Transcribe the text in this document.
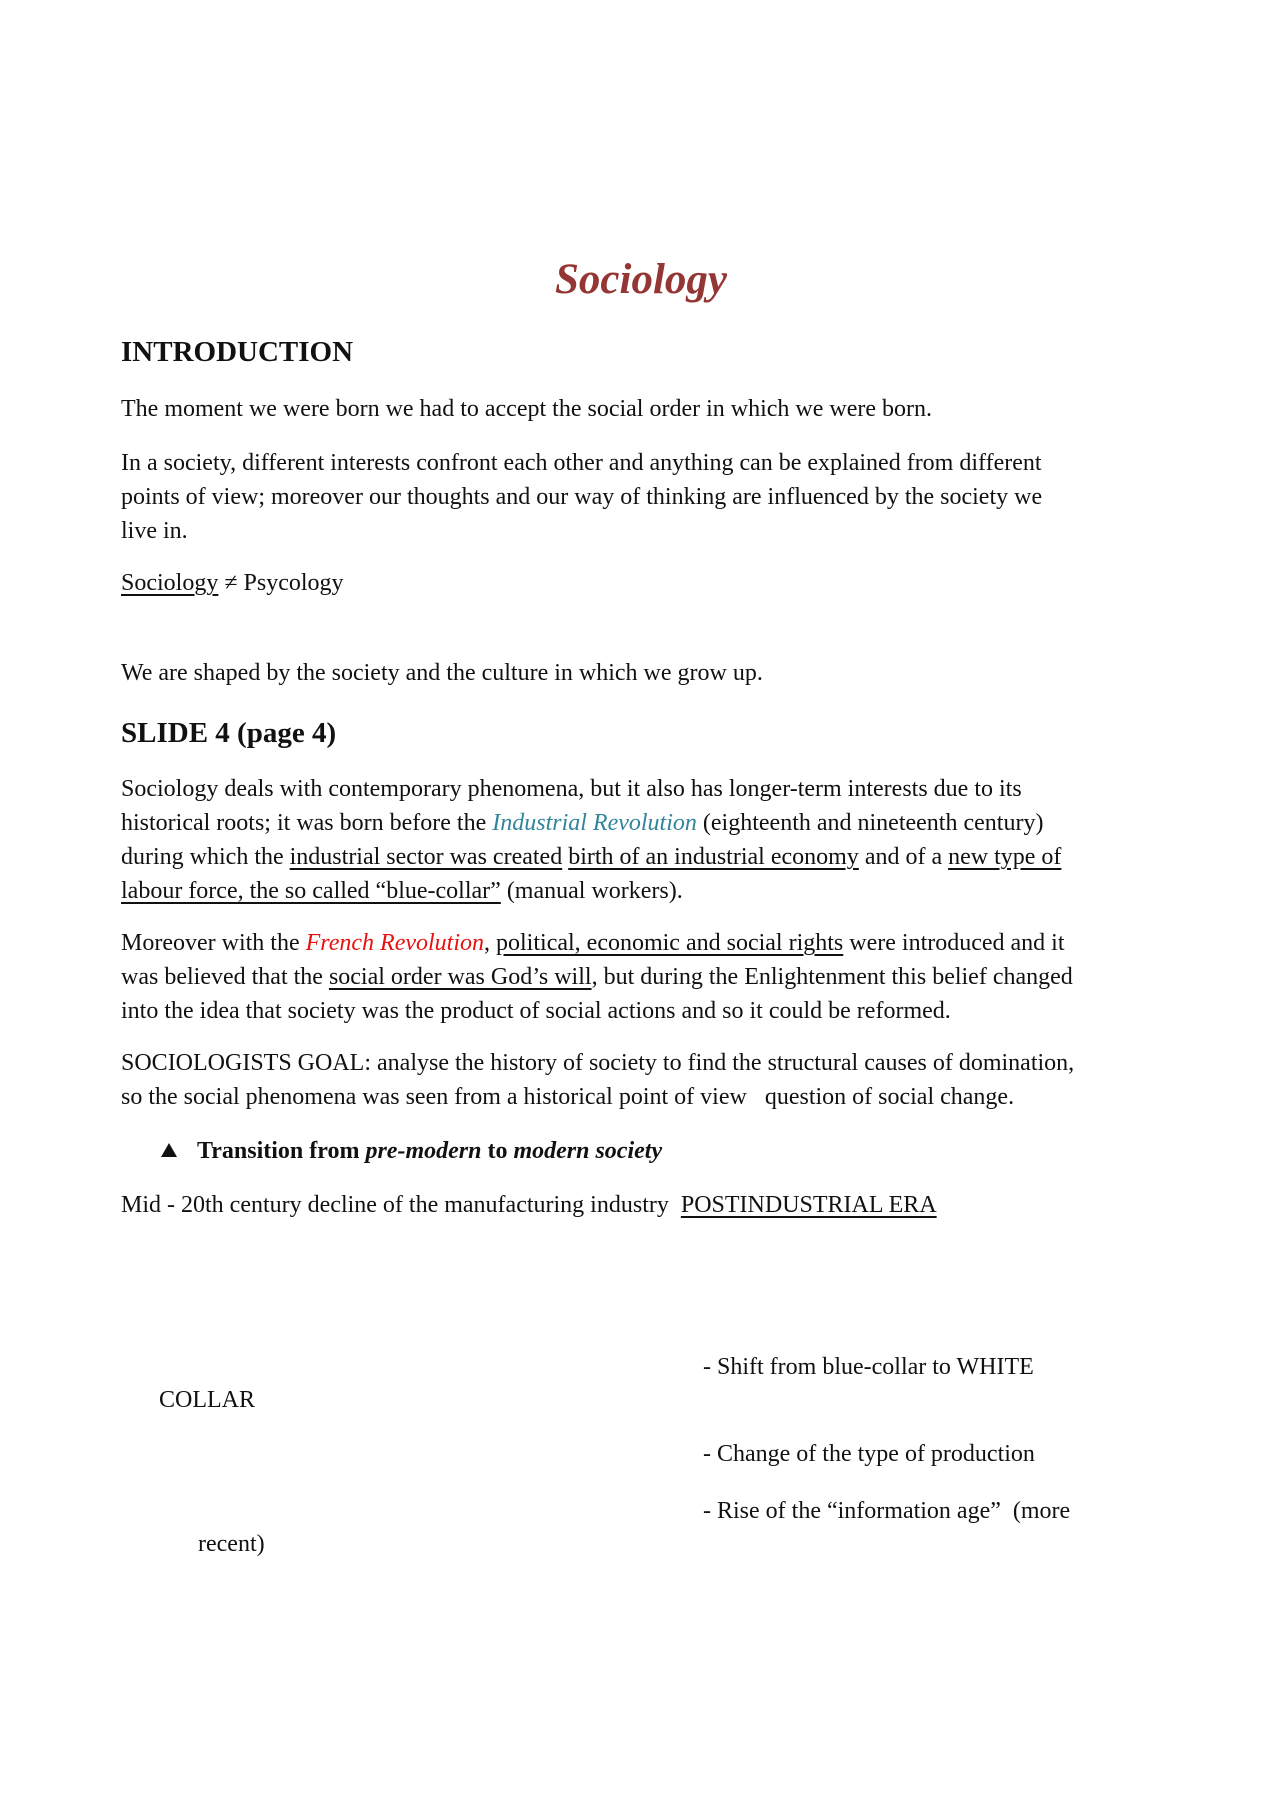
Sociology
INTRODUCTION
The moment we were born we had to accept the social order in which we were born.
In a society, different interests confront each other and anything can be explained from different
points of view; moreover our thoughts and our way of thinking are influenced by the society we
live in.
Sociology ≠ Psycology
We are shaped by the society and the culture in which we grow up.
SLIDE 4 (page 4)
Sociology deals with contemporary phenomena, but it also has longer-term interests due to its
historical roots; it was born before the Industrial Revolution (eighteenth and nineteenth century)
during which the industrial sector was created birth of an industrial economy and of a new type of
labour force, the so called “blue-collar” (manual workers).
Moreover with the French Revolution, political, economic and social rights were introduced and it
was believed that the social order was God’s will, but during the Enlightenment this belief changed
into the idea that society was the product of social actions and so it could be reformed.
SOCIOLOGISTS GOAL: analyse the history of society to find the structural causes of domination,
so the social phenomena was seen from a historical point of view   question of social change.
Transition from pre-modern to modern society
Mid - 20th century decline of the manufacturing industry  POSTINDUSTRIAL ERA
- Shift from blue-collar to WHITE
COLLAR
- Change of the type of production
- Rise of the “information age”  (more
recent)
